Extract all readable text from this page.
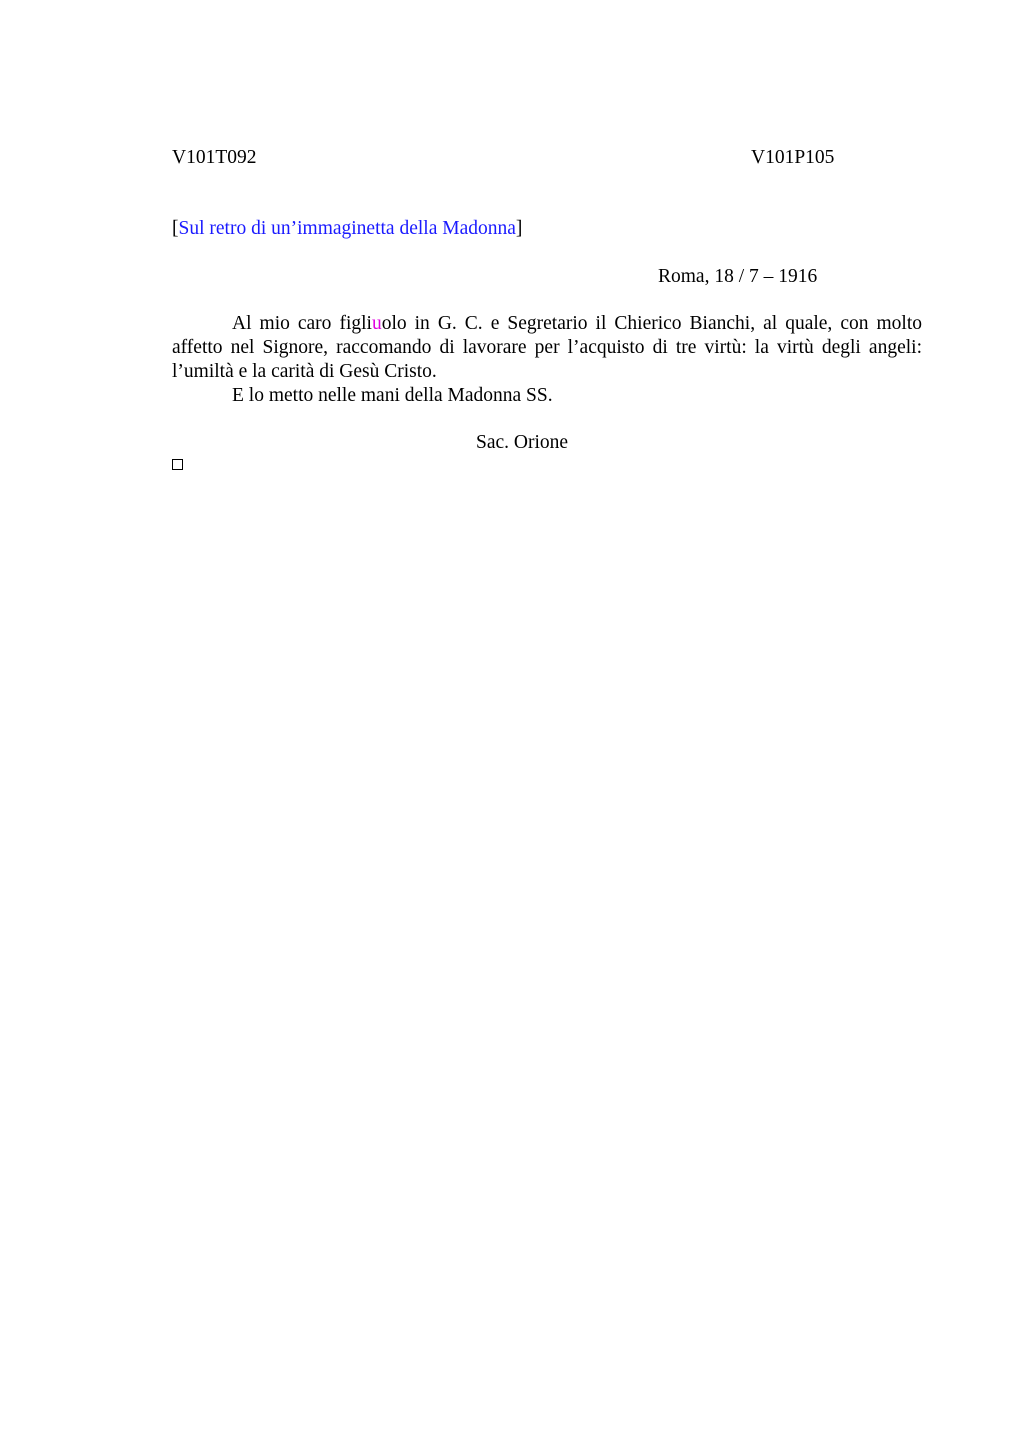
V101T092	V101P105
[Sul retro di un’immaginetta della Madonna]
Roma, 18 / 7 – 1916

Al mio caro figliuolo in G. C. e Segretario il Chierico Bianchi, al quale, con molto affetto nel Signore, raccomando di lavorare per l’acquisto di tre virtù: la virtù degli angeli: l’umiltà e la carità di Gesù Cristo.

E lo metto nelle mani della Madonna SS.

Sac. Orione
